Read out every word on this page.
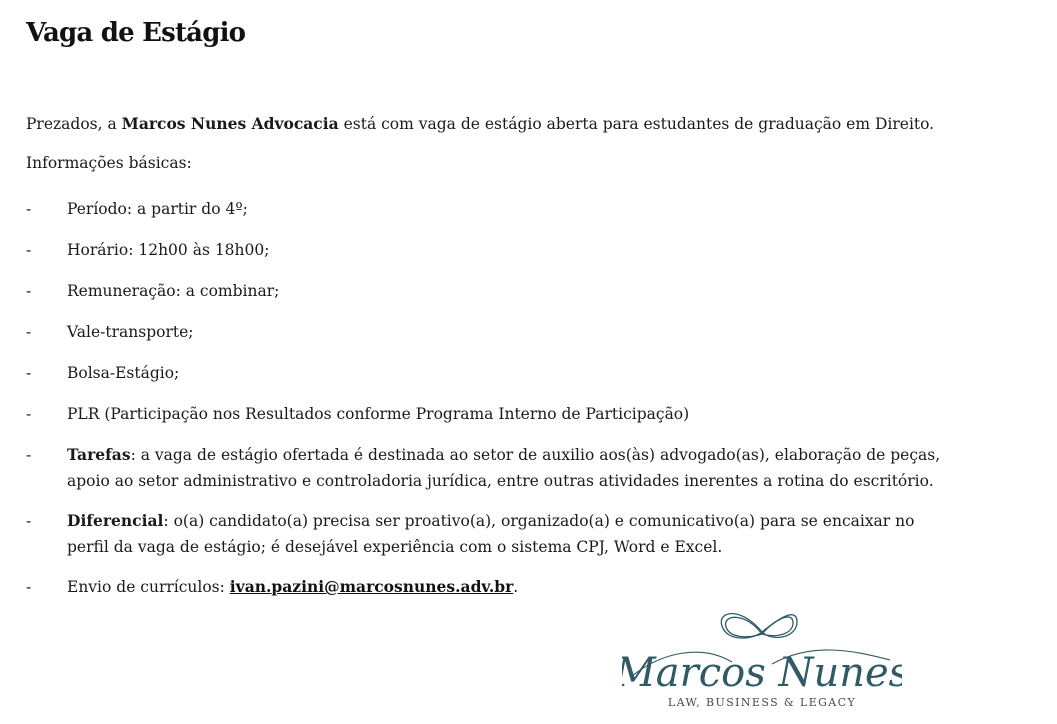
Vaga de Estágio

Prezados, a Marcos Nunes Advocacia está com vaga de estágio aberta para estudantes de graduação em Direito.

Informações básicas:

-	Período: a partir do 4º;
-	Horário: 12h00 às 18h00;
-	Remuneração: a combinar;
-	Vale-transporte;
-	Bolsa-Estágio;
-	PLR (Participação nos Resultados conforme Programa Interno de Participação)
-	Tarefas: a vaga de estágio ofertada é destinada ao setor de auxilio aos(às) advogado(as), elaboração de peças, apoio ao setor administrativo e controladoria jurídica, entre outras atividades inerentes a rotina do escritório.
-	Diferencial: o(a) candidato(a) precisa ser proativo(a), organizado(a) e comunicativo(a) para se encaixar no perfil da vaga de estágio; é desejável experiência com o sistema CPJ, Word e Excel.
-	Envio de currículos: ivan.pazini@marcosnunes.adv.br.
Marcos Nunes
LAW, BUSINESS & LEGACY
